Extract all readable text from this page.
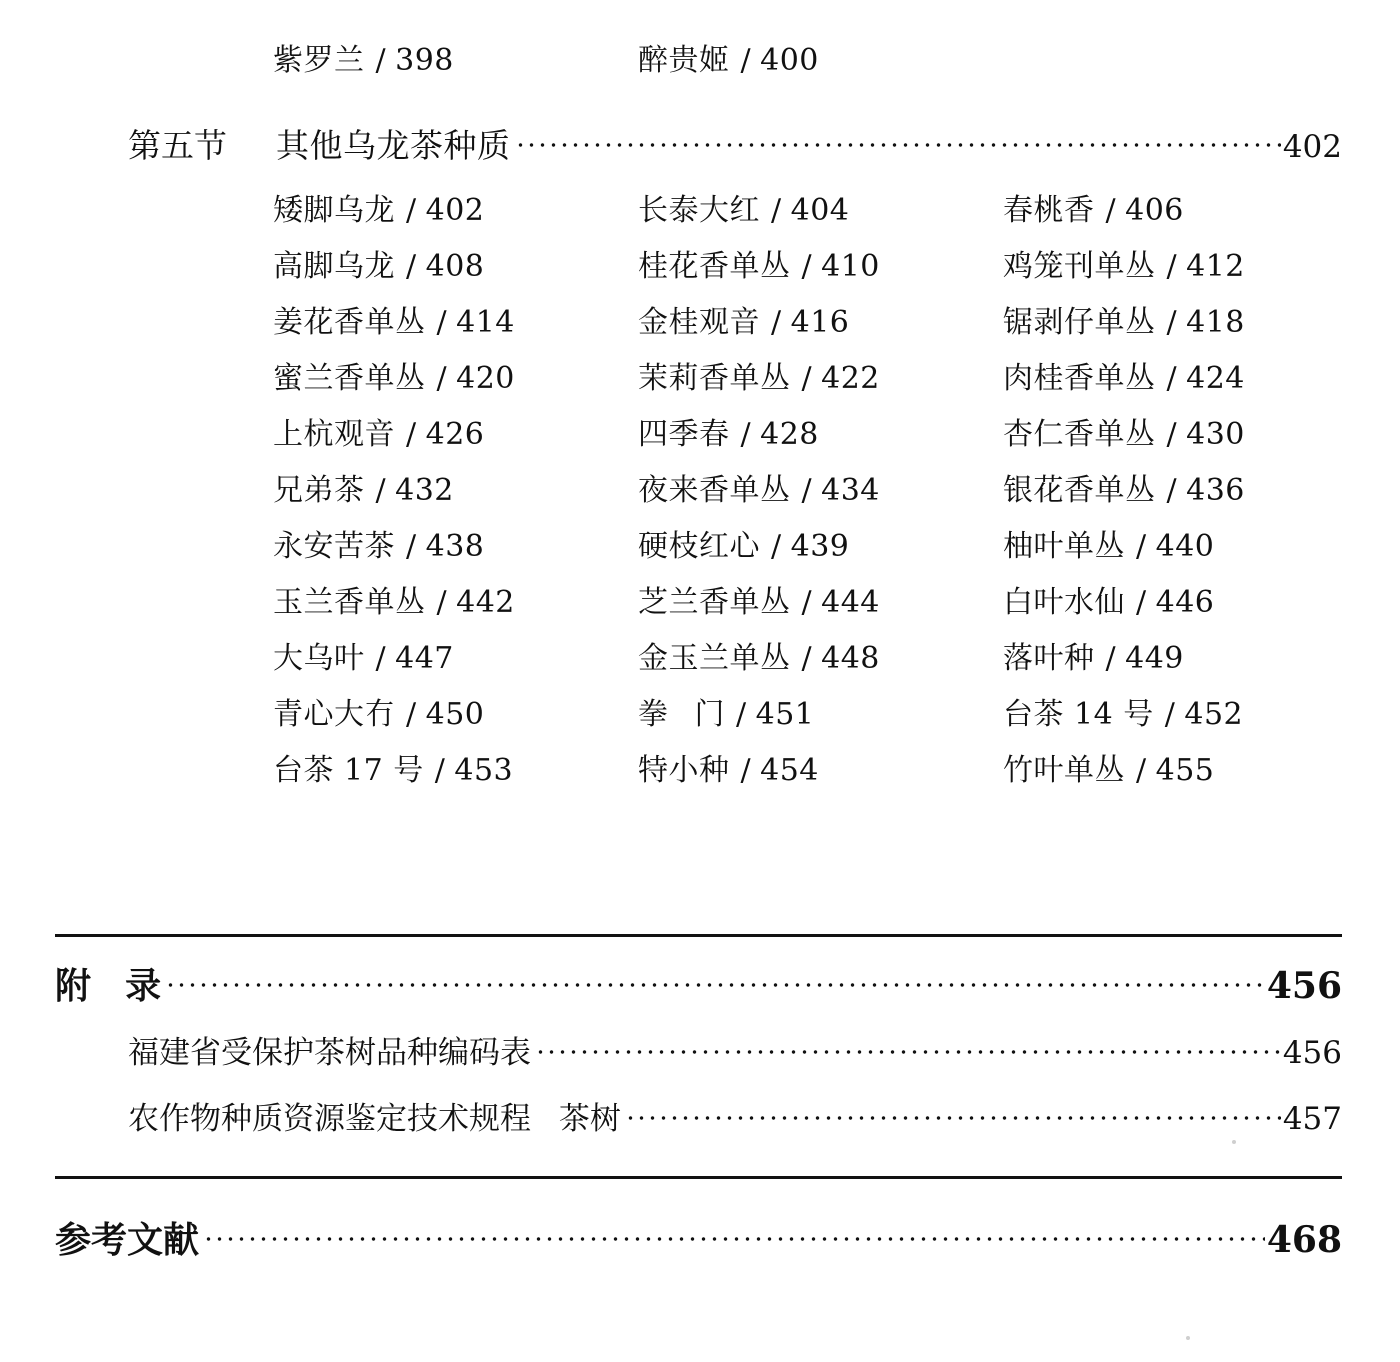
紫罗兰 / 398	醉贵姬 / 400
第五节	其他乌龙茶种质	402
矮脚乌龙 / 402	长泰大红 / 404	春桃香 / 406
高脚乌龙 / 408	桂花香单丛 / 410	鸡笼刊单丛 / 412
姜花香单丛 / 414	金桂观音 / 416	锯剥仔单丛 / 418
蜜兰香单丛 / 420	茉莉香单丛 / 422	肉桂香单丛 / 424
上杭观音 / 426	四季春 / 428	杏仁香单丛 / 430
兄弟茶 / 432	夜来香单丛 / 434	银花香单丛 / 436
永安苦茶 / 438	硬枝红心 / 439	柚叶单丛 / 440
玉兰香单丛 / 442	芝兰香单丛 / 444	白叶水仙 / 446
大乌叶 / 447	金玉兰单丛 / 448	落叶种 / 449
青心大冇 / 450	拳门 / 451	台茶 14 号 / 452
台茶 17 号 / 453	特小种 / 454	竹叶单丛 / 455
附录	456
福建省受保护茶树品种编码表	456
农作物种质资源鉴定技术规程 茶树	457
参考文献	468
